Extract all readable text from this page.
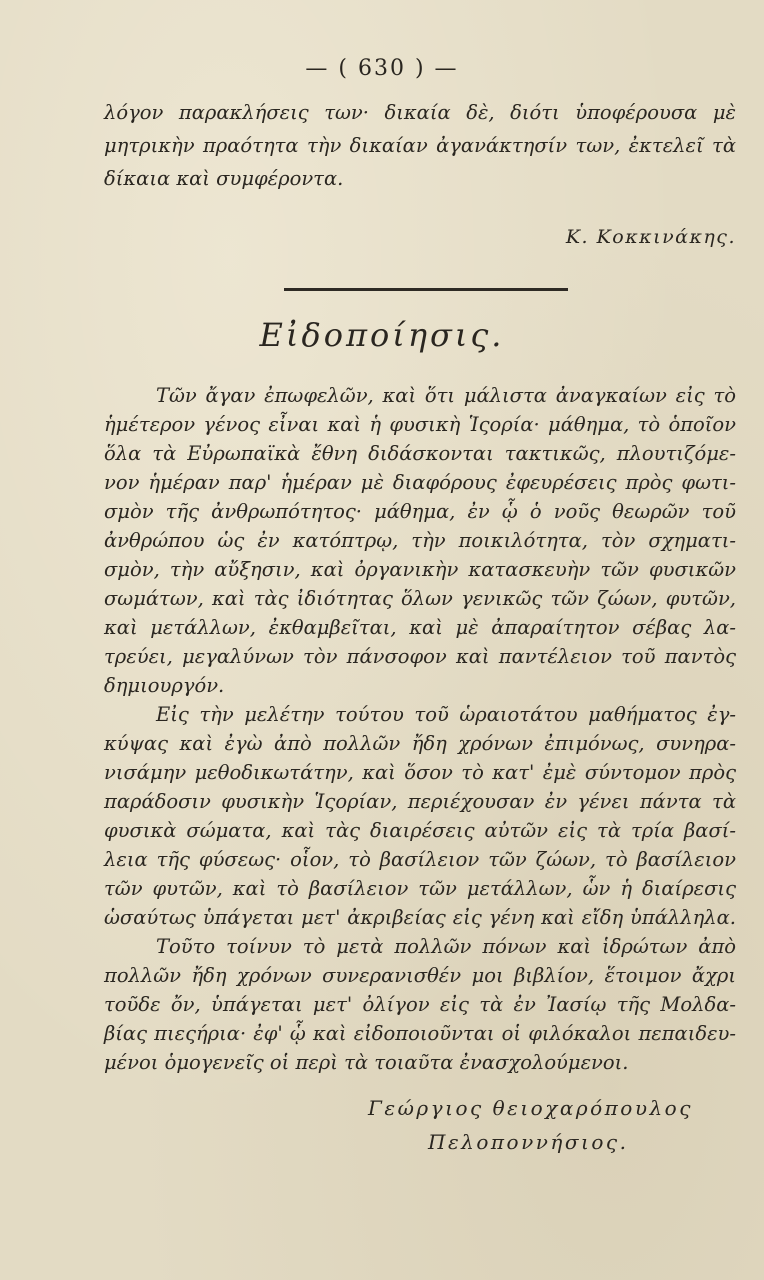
— ( 630 ) —
λόγον παρακλήσεις των· δικαία δὲ, διότι ὑποφέρουσα μὲ
μητρικὴν πραότητα τὴν δικαίαν ἀγανάκτησίν των, ἐκτελεῖ τὰ
δίκαια καὶ συμφέροντα.
Κ. Κοκκινάκης.
Εἰδοποίησις.
Τῶν ἄγαν ἐπωφελῶν, καὶ ὅτι μάλιστα ἀναγκαίων εἰς τὸ
ἡμέτερον γένος εἶναι καὶ ἡ φυσικὴ Ἱςορία· μάθημα, τὸ ὁποῖον
ὅλα τὰ Εὐρωπαϊκὰ ἔθνη διδάσκονται τακτικῶς, πλουτιζόμε-
νον ἡμέραν παρ' ἡμέραν μὲ διαφόρους ἐφευρέσεις πρὸς φωτι-
σμὸν τῆς ἀνθρωπότητος· μάθημα, ἐν ᾧ ὁ νοῦς θεωρῶν τοῦ
ἀνθρώπου ὡς ἐν κατόπτρῳ, τὴν ποικιλότητα, τὸν σχηματι-
σμὸν, τὴν αὔξησιν, καὶ ὀργανικὴν κατασκευὴν τῶν φυσικῶν
σωμάτων, καὶ τὰς ἰδιότητας ὅλων γενικῶς τῶν ζώων, φυτῶν,
καὶ μετάλλων, ἐκθαμβεῖται, καὶ μὲ ἀπαραίτητον σέβας λα-
τρεύει, μεγαλύνων τὸν πάνσοφον καὶ παντέλειον τοῦ παντὸς
δημιουργόν.
Εἰς τὴν μελέτην τούτου τοῦ ὡραιοτάτου μαθήματος ἐγ-
κύψας καὶ ἐγὼ ἀπὸ πολλῶν ἤδη χρόνων ἐπιμόνως, συνηρα-
νισάμην μεθοδικωτάτην, καὶ ὅσον τὸ κατ' ἐμὲ σύντομον πρὸς
παράδοσιν φυσικὴν Ἱςορίαν, περιέχουσαν ἐν γένει πάντα τὰ
φυσικὰ σώματα, καὶ τὰς διαιρέσεις αὐτῶν εἰς τὰ τρία βασί-
λεια τῆς φύσεως· οἷον, τὸ βασίλειον τῶν ζώων, τὸ βασίλειον
τῶν φυτῶν, καὶ τὸ βασίλειον τῶν μετάλλων, ὧν ἡ διαίρεσις
ὡσαύτως ὑπάγεται μετ' ἀκριβείας εἰς γένη καὶ εἴδη ὑπάλληλα.
Τοῦτο τοίνυν τὸ μετὰ πολλῶν πόνων καὶ ἱδρώτων ἀπὸ
πολλῶν ἤδη χρόνων συνερανισθέν μοι βιβλίον, ἕτοιμον ἄχρι
τοῦδε ὄν, ὑπάγεται μετ' ὀλίγον εἰς τὰ ἐν Ἰασίῳ τῆς Μολδα-
βίας πιεςήρια· ἐφ' ᾧ καὶ εἰδοποιοῦνται οἱ φιλόκαλοι πεπαιδευ-
μένοι ὁμογενεῖς οἱ περὶ τὰ τοιαῦτα ἐνασχολούμενοι.
Γεώργιος θειοχαρόπουλος
Πελοποννήσιος.
